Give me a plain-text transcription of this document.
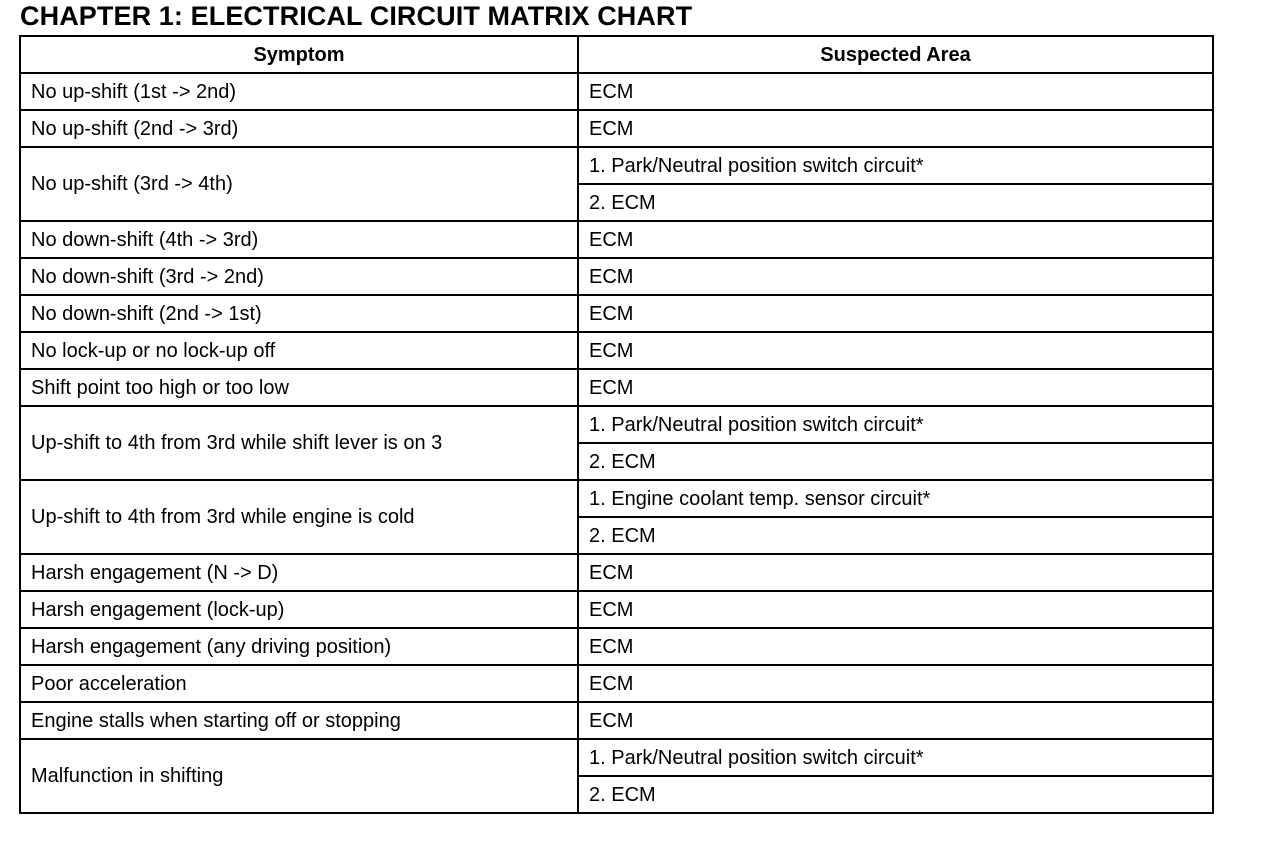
CHAPTER 1: ELECTRICAL CIRCUIT MATRIX CHART
Symptom	Suspected Area
No up-shift (1st -> 2nd)	ECM
No up-shift (2nd -> 3rd)	ECM
No up-shift (3rd -> 4th)	1. Park/Neutral position switch circuit*
	2. ECM
No down-shift (4th -> 3rd)	ECM
No down-shift (3rd -> 2nd)	ECM
No down-shift (2nd -> 1st)	ECM
No lock-up or no lock-up off	ECM
Shift point too high or too low	ECM
Up-shift to 4th from 3rd while shift lever is on 3	1. Park/Neutral position switch circuit*
	2. ECM
Up-shift to 4th from 3rd while engine is cold	1. Engine coolant temp. sensor circuit*
	2. ECM
Harsh engagement (N -> D)	ECM
Harsh engagement (lock-up)	ECM
Harsh engagement (any driving position)	ECM
Poor acceleration	ECM
Engine stalls when starting off or stopping	ECM
Malfunction in shifting	1. Park/Neutral position switch circuit*
	2. ECM
